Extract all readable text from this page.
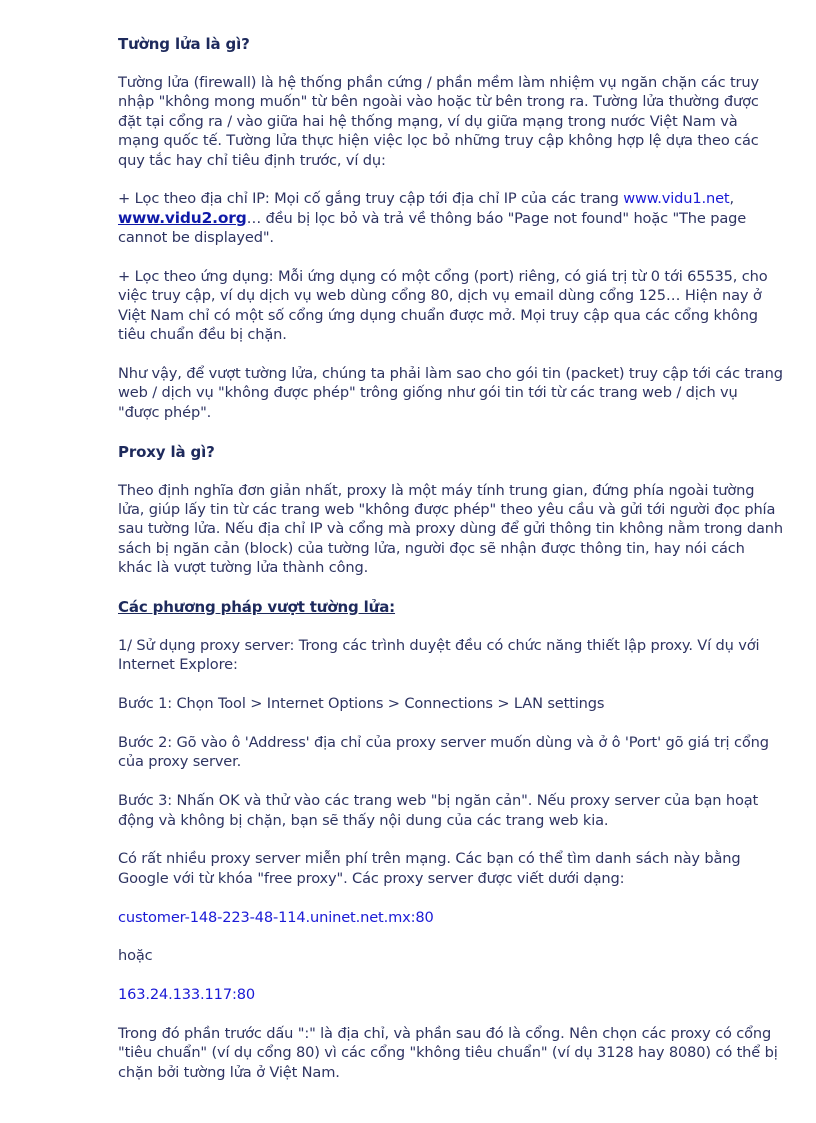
Tường lửa là gì?

Tường lửa (firewall) là hệ thống phần cứng / phần mềm làm nhiệm vụ ngăn chặn các truy nhập "không mong muốn" từ bên ngoài vào hoặc từ bên trong ra. Tường lửa thường được đặt tại cổng ra / vào giữa hai hệ thống mạng, ví dụ giữa mạng trong nước Việt Nam và mạng quốc tế. Tường lửa thực hiện việc lọc bỏ những truy cập không hợp lệ dựa theo các quy tắc hay chỉ tiêu định trước, ví dụ:

+ Lọc theo địa chỉ IP: Mọi cố gắng truy cập tới địa chỉ IP của các trang www.vidu1.net, www.vidu2.org… đều bị lọc bỏ và trả về thông báo "Page not found" hoặc "The page cannot be displayed".

+ Lọc theo ứng dụng: Mỗi ứng dụng có một cổng (port) riêng, có giá trị từ 0 tới 65535, cho việc truy cập, ví dụ dịch vụ web dùng cổng 80, dịch vụ email dùng cổng 125… Hiện nay ở Việt Nam chỉ có một số cổng ứng dụng chuẩn được mở. Mọi truy cập qua các cổng không tiêu chuẩn đều bị chặn.

Như vậy, để vượt tường lửa, chúng ta phải làm sao cho gói tin (packet) truy cập tới các trang web / dịch vụ "không được phép" trông giống như gói tin tới từ các trang web / dịch vụ "được phép".

Proxy là gì?

Theo định nghĩa đơn giản nhất, proxy là một máy tính trung gian, đứng phía ngoài tường lửa, giúp lấy tin từ các trang web "không được phép" theo yêu cầu và gửi tới người đọc phía sau tường lửa. Nếu địa chỉ IP và cổng mà proxy dùng để gửi thông tin không nằm trong danh sách bị ngăn cản (block) của tường lửa, người đọc sẽ nhận được thông tin, hay nói cách khác là vượt tường lửa thành công.

Các phương pháp vượt tường lửa:

1/ Sử dụng proxy server: Trong các trình duyệt đều có chức năng thiết lập proxy. Ví dụ với Internet Explore:

Bước 1: Chọn Tool > Internet Options > Connections > LAN settings

Bước 2: Gõ vào ô 'Address' địa chỉ của proxy server muốn dùng và ở ô 'Port' gõ giá trị cổng của proxy server.

Bước 3: Nhấn OK và thử vào các trang web "bị ngăn cản". Nếu proxy server của bạn hoạt động và không bị chặn, bạn sẽ thấy nội dung của các trang web kia.

Có rất nhiều proxy server miễn phí trên mạng. Các bạn có thể tìm danh sách này bằng Google với từ khóa "free proxy". Các proxy server được viết dưới dạng:

customer-148-223-48-114.uninet.net.mx:80

hoặc

163.24.133.117:80

Trong đó phần trước dấu ":" là địa chỉ, và phần sau đó là cổng. Nên chọn các proxy có cổng "tiêu chuẩn" (ví dụ cổng 80) vì các cổng "không tiêu chuẩn" (ví dụ 3128 hay 8080) có thể bị chặn bởi tường lửa ở Việt Nam.
